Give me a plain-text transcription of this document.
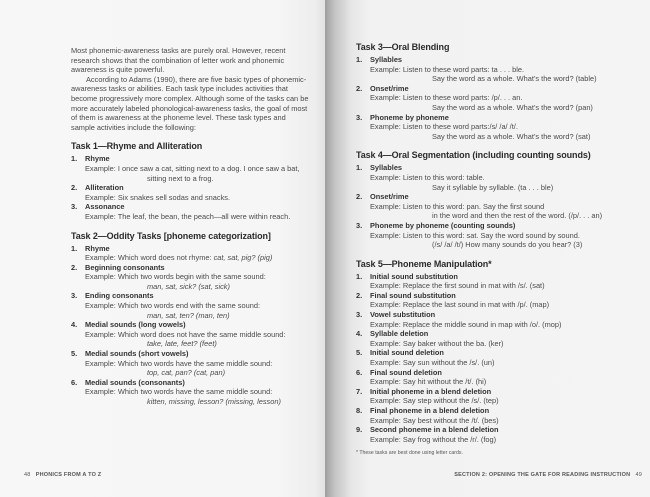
Most phonemic-awareness tasks are purely oral. However, recent research shows that the combination of letter work and phonemic awareness is quite powerful.

According to Adams (1990), there are five basic types of phonemic-awareness tasks or abilities. Each task type includes activities that become progressively more complex. Although some of the tasks can be more accurately labeled phonological-awareness tasks, the goal of most of them is awareness at the phoneme level. These task types and sample activities include the following:

Task 1—Rhyme and Alliteration
1. Rhyme
Example: I once saw a cat, sitting next to a dog. I once saw a bat,
sitting next to a frog.
2. Alliteration
Example: Six snakes sell sodas and snacks.
3. Assonance
Example: The leaf, the bean, the peach—all were within reach.
Task 2—Oddity Tasks [phoneme categorization]
1. Rhyme
Example: Which word does not rhyme: cat, sat, pig? (pig)
2. Beginning consonants
Example: Which two words begin with the same sound:
man, sat, sick? (sat, sick)
3. Ending consonants
Example: Which two words end with the same sound:
man, sat, ten? (man, ten)
4. Medial sounds (long vowels)
Example: Which word does not have the same middle sound:
take, late, feet? (feet)
5. Medial sounds (short vowels)
Example: Which two words have the same middle sound:
top, cat, pan? (cat, pan)
6. Medial sounds (consonants)
Example: Which two words have the same middle sound:
kitten, missing, lesson? (missing, lesson)
48 PHONICS FROM A TO Z
Task 3—Oral Blending
1. Syllables
Example: Listen to these word parts: ta . . . ble.
Say the word as a whole. What’s the word? (table)
2. Onset/rime
Example: Listen to these word parts: /p/. . . an.
Say the word as a whole. What’s the word? (pan)
3. Phoneme by phoneme
Example: Listen to these word parts:/s/ /a/ /t/.
Say the word as a whole. What’s the word? (sat)
Task 4—Oral Segmentation (including counting sounds)
1. Syllables
Example: Listen to this word: table.
Say it syllable by syllable. (ta . . . ble)
2. Onset/rime
Example: Listen to this word: pan. Say the first sound
in the word and then the rest of the word. (/p/. . . an)
3. Phoneme by phoneme (counting sounds)
Example: Listen to this word: sat. Say the word sound by sound.
(/s/ /a/ /t/) How many sounds do you hear? (3)
Task 5—Phoneme Manipulation*
1. Initial sound substitution
Example: Replace the first sound in mat with /s/. (sat)
2. Final sound substitution
Example: Replace the last sound in mat with /p/. (map)
3. Vowel substitution
Example: Replace the middle sound in map with /o/. (mop)
4. Syllable deletion
Example: Say baker without the ba. (ker)
5. Initial sound deletion
Example: Say sun without the /s/. (un)
6. Final sound deletion
Example: Say hit without the /t/. (hi)
7. Initial phoneme in a blend deletion
Example: Say step without the /s/. (tep)
8. Final phoneme in a blend deletion
Example: Say best without the /t/. (bes)
9. Second phoneme in a blend deletion
Example: Say frog without the /r/. (fog)
* These tasks are best done using letter cards.
SECTION 2: OPENING THE GATE FOR READING INSTRUCTION 49
